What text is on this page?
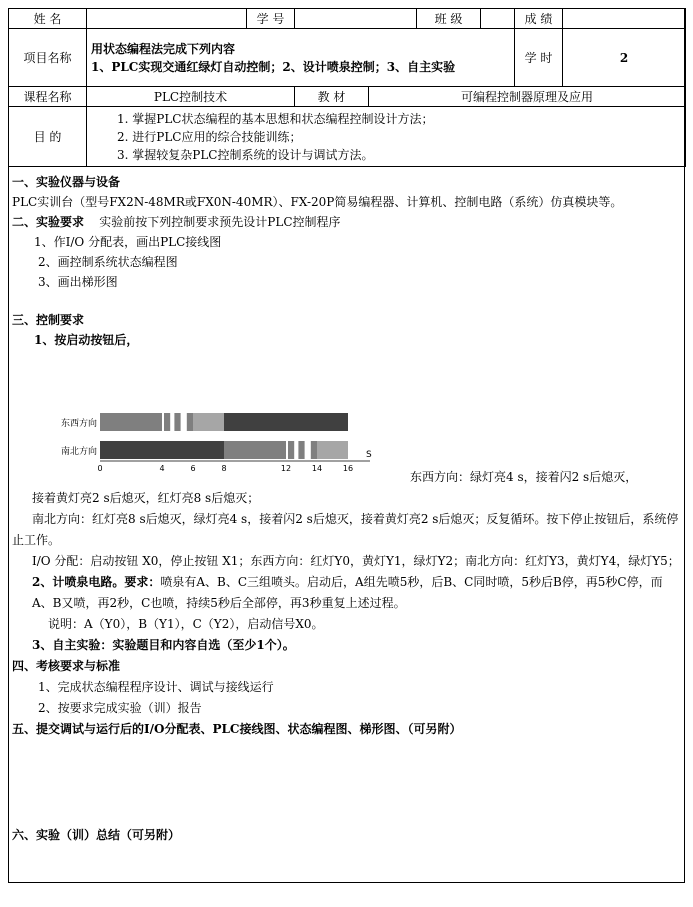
姓 名		学 号			班 级		成 绩	
项目名称	用状态编程法完成下列内容
1、PLC实现交通红绿灯自动控制；2、设计喷泉控制；3、自主实验						学 时	2
课程名称	PLC控制技术		教 材	可编程控制器原理及应用				
目 的	1. 掌握PLC状态编程的基本思想和状态编程控制设计方法；
2. 进行PLC应用的综合技能训练；
3. 掌握较复杂PLC控制系统的设计与调试方法。							
一、实验仪器与设备
PLC实训台（型号FX2N-48MR或FX0N-40MR）、FX-20P简易编程器、计算机、控制电路（系统）仿真模块等。
二、实验要求 实验前按下列控制要求预先设计PLC控制程序
1、作I/O 分配表，画出PLC接线图
2、画控制系统状态编程图
3、画出梯形图
三、控制要求
1、按启动按钮后，
东西方向
南北方向
0	4	6	8	12	14	16
S
东西方向：绿灯亮4 s，接着闪2 s后熄灭，
接着黄灯亮2 s后熄灭，红灯亮8 s后熄灭；
南北方向：红灯亮8 s后熄灭，绿灯亮4 s，接着闪2 s后熄灭，接着黄灯亮2 s后熄灭；反复循环。按下停止按钮后，系统停止工作。
I/O 分配：启动按钮 X0，停止按钮 X1；东西方向：红灯Y0，黄灯Y1，绿灯Y2；南北方向：红灯Y3，黄灯Y4，绿灯Y5；
2、计喷泉电路。要求：喷泉有A、B、C三组喷头。启动后，A组先喷5秒，后B、C同时喷，5秒后B停，再5秒C停，而A、B又喷，再2秒，C也喷，持续5秒后全部停，再3秒重复上述过程。
说明：A（Y0），B（Y1），C（Y2），启动信号X0。
3、自主实验：实验题目和内容自选（至少1个）。
四、考核要求与标准
1、完成状态编程程序设计、调试与接线运行
2、按要求完成实验（训）报告
五、提交调试与运行后的I/O分配表、PLC接线图、状态编程图、梯形图、（可另附）
六、实验（训）总结（可另附）
